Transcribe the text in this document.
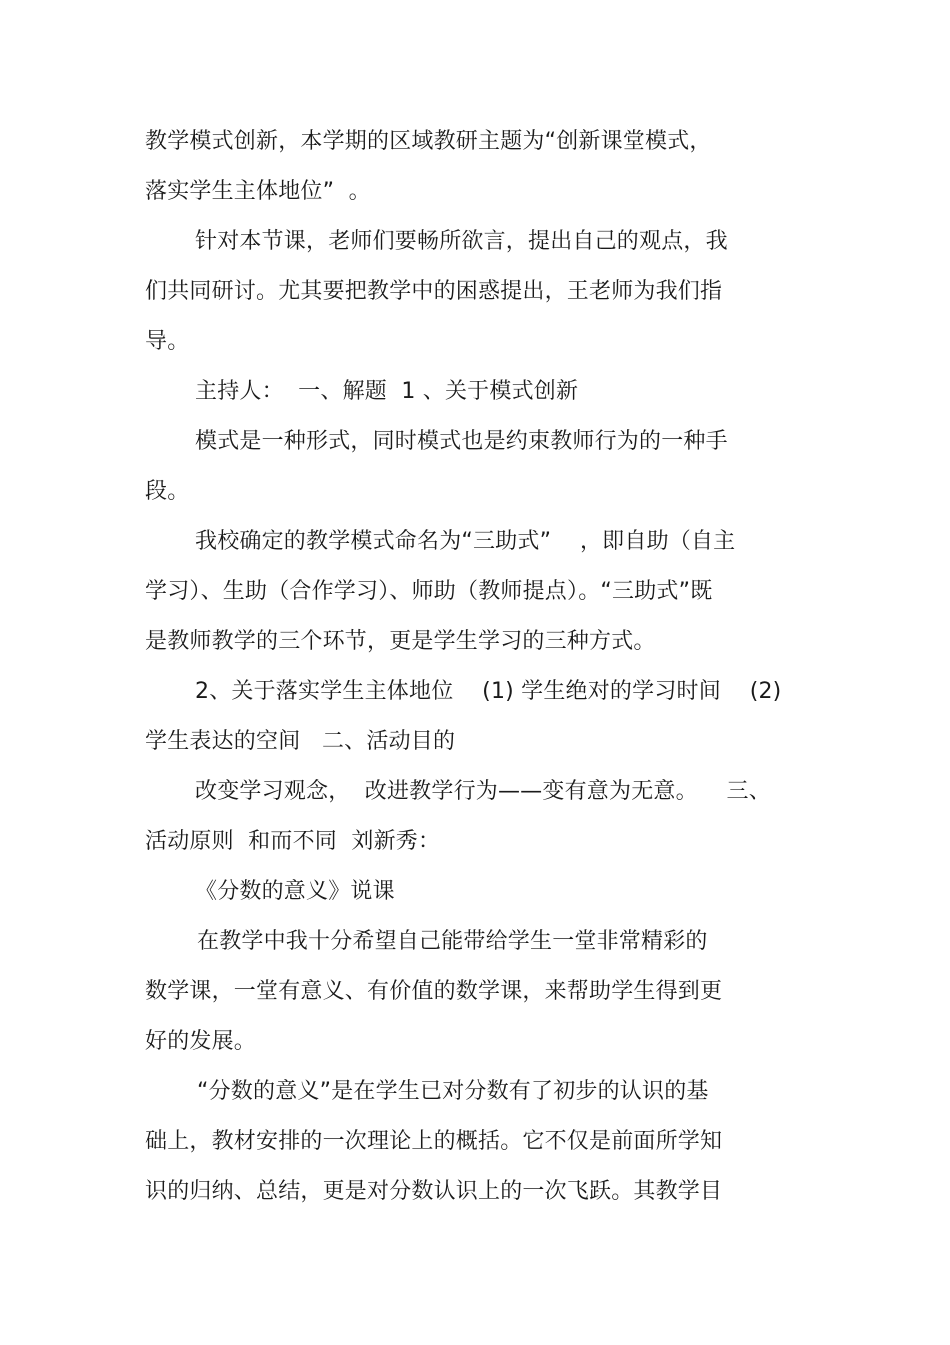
教学模式创新，本学期的区域教研主题为“创新课堂模式，
落实学生主体地位”  。
针对本节课，老师们要畅所欲言，提出自己的观点，我
们共同研讨。尤其要把教学中的困惑提出，王老师为我们指
导。
主持人：  一、解题  1 、关于模式创新
模式是一种形式，同时模式也是约束教师行为的一种手
段。
我校确定的教学模式命名为“三助式”    ，即自助（自主
学习）、生助（合作学习）、师助（教师提点）。“三助式”既
是教师教学的三个环节，更是学生学习的三种方式。
2、关于落实学生主体地位    (1) 学生绝对的学习时间    (2)
学生表达的空间   二、活动目的
改变学习观念，  改进教学行为——变有意为无意。    三、
活动原则  和而不同  刘新秀：
《分数的意义》说课
在教学中我十分希望自己能带给学生一堂非常精彩的
数学课，一堂有意义、有价值的数学课，来帮助学生得到更
好的发展。
“分数的意义”是在学生已对分数有了初步的认识的基
础上，教材安排的一次理论上的概括。它不仅是前面所学知
识的归纳、总结，更是对分数认识上的一次飞跃。其教学目
